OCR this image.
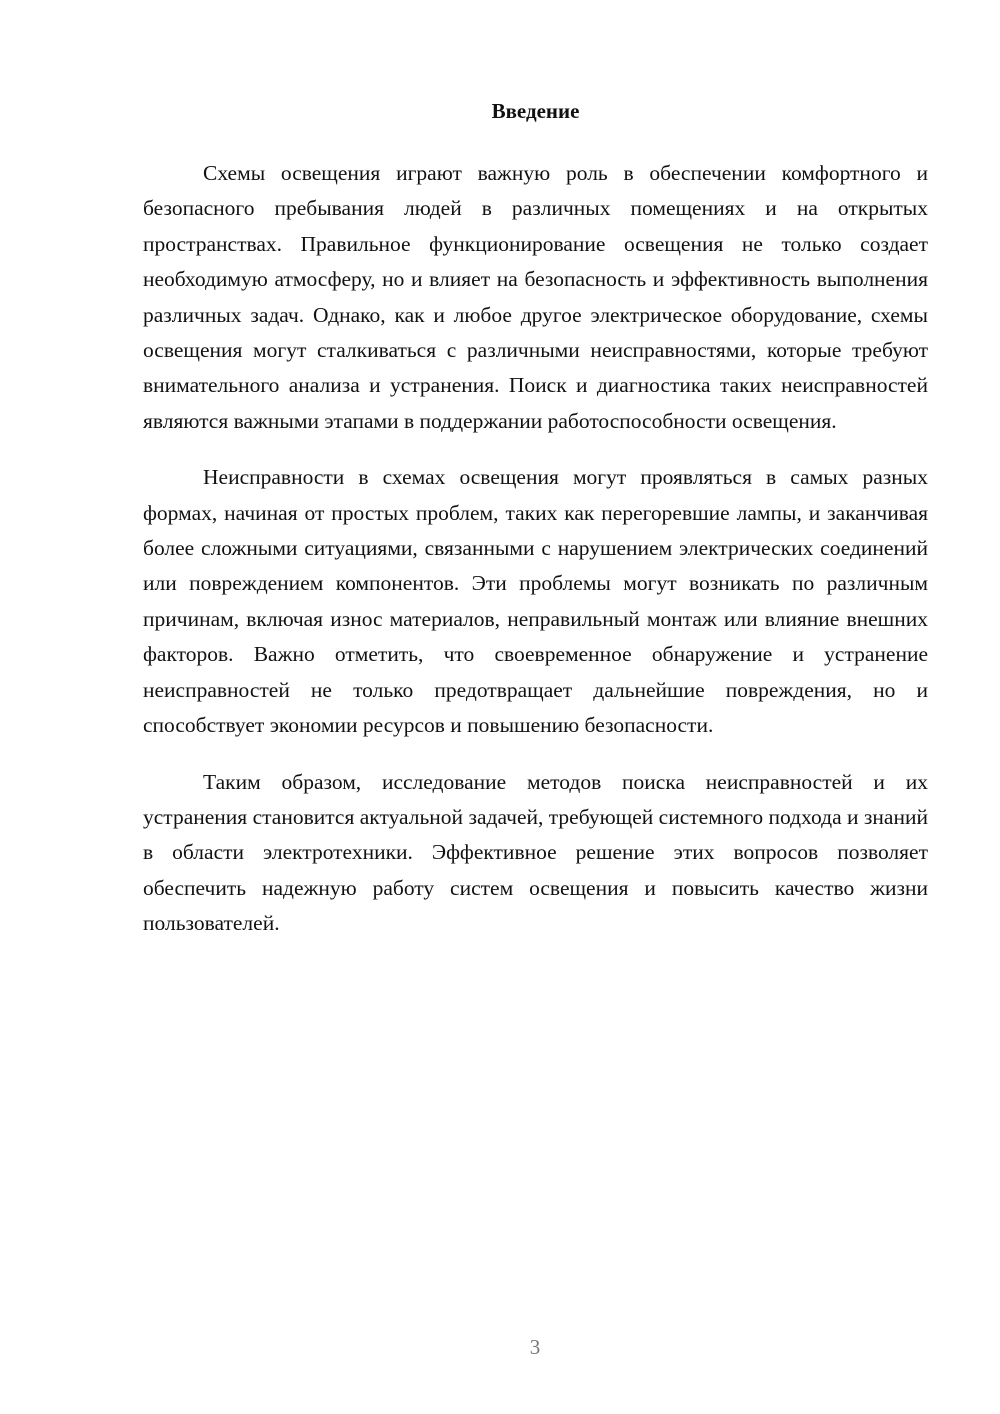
Введение

Схемы освещения играют важную роль в обеспечении комфортного и безопасного пребывания людей в различных помещениях и на открытых пространствах. Правильное функционирование освещения не только создает необходимую атмосферу, но и влияет на безопасность и эффективность выполнения различных задач. Однако, как и любое другое электрическое оборудование, схемы освещения могут сталкиваться с различными неисправностями, которые требуют внимательного анализа и устранения. Поиск и диагностика таких неисправностей являются важными этапами в поддержании работоспособности освещения.

Неисправности в схемах освещения могут проявляться в самых разных формах, начиная от простых проблем, таких как перегоревшие лампы, и заканчивая более сложными ситуациями, связанными с нарушением электрических соединений или повреждением компонентов. Эти проблемы могут возникать по различным причинам, включая износ материалов, неправильный монтаж или влияние внешних факторов. Важно отметить, что своевременное обнаружение и устранение неисправностей не только предотвращает дальнейшие повреждения, но и способствует экономии ресурсов и повышению безопасности.

Таким образом, исследование методов поиска неисправностей и их устранения становится актуальной задачей, требующей системного подхода и знаний в области электротехники. Эффективное решение этих вопросов позволяет обеспечить надежную работу систем освещения и повысить качество жизни пользователей.

3
